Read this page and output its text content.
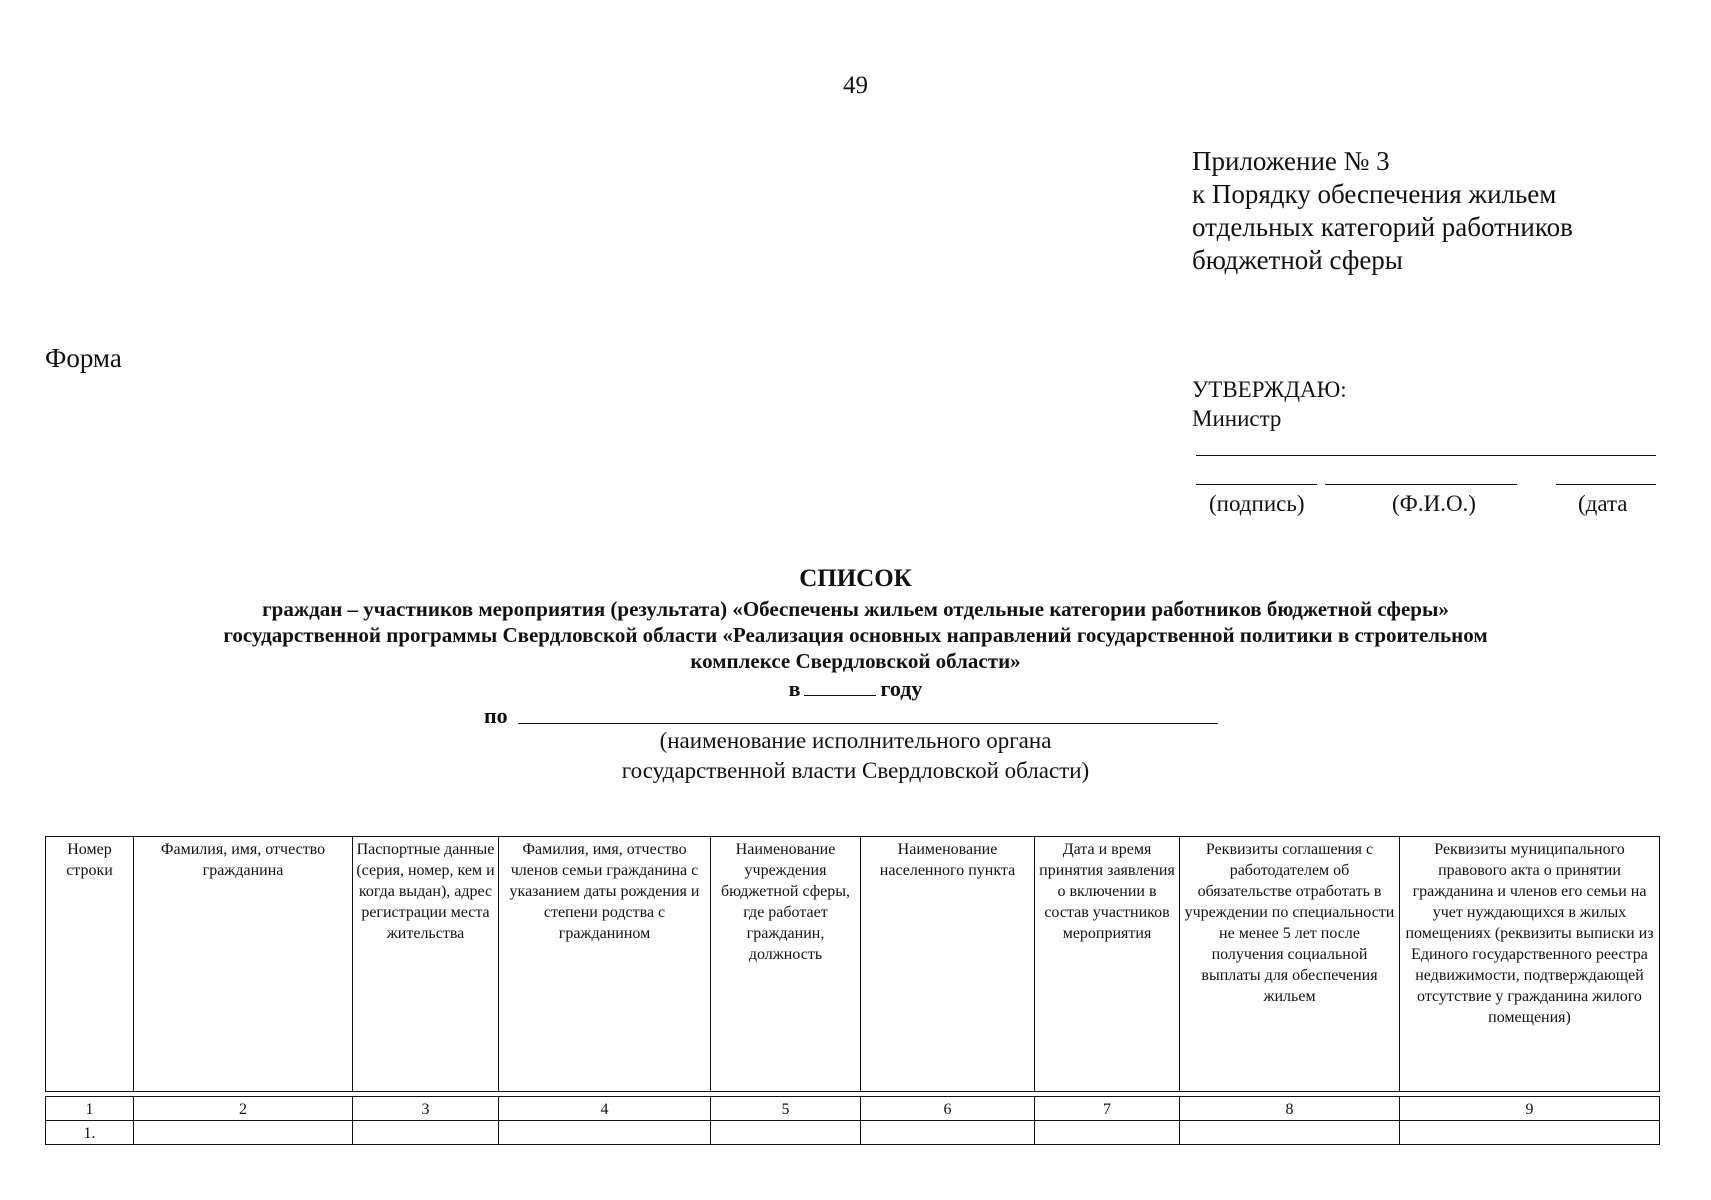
49
Приложение № 3
к Порядку обеспечения жильем
отдельных категорий работников
бюджетной сферы
Форма
УТВЕРЖДАЮ:
Министр
(подпись)	(Ф.И.О.)	(дата
СПИСОК
граждан – участников мероприятия (результата) «Обеспечены жильем отдельные категории работников бюджетной сферы»
государственной программы Свердловской области «Реализация основных направлений государственной политики в строительном
комплексе Свердловской области»
в	году
по
(наименование исполнительного органа
государственной власти Свердловской области)
Номер строки	Фамилия, имя, отчество гражданина	Паспортные данные (серия, номер, кем и когда выдан), адрес регистрации места жительства	Фамилия, имя, отчество членов семьи гражданина с указанием даты рождения и степени родства с гражданином	Наименование учреждения бюджетной сферы, где работает гражданин, должность	Наименование населенного пункта	Дата и время принятия заявления о включении в состав участников мероприятия	Реквизиты соглашения с работодателем об обязательстве отработать в учреждении по специальности не менее 5 лет после получения социальной выплаты для обеспечения жильем	Реквизиты муниципального правового акта о принятии гражданина и членов его семьи на учет нуждающихся в жилых помещениях (реквизиты выписки из Единого государственного реестра недвижимости, подтверждающей отсутствие у гражданина жилого помещения)
1	2	3	4	5	6	7	8	9
1.								
